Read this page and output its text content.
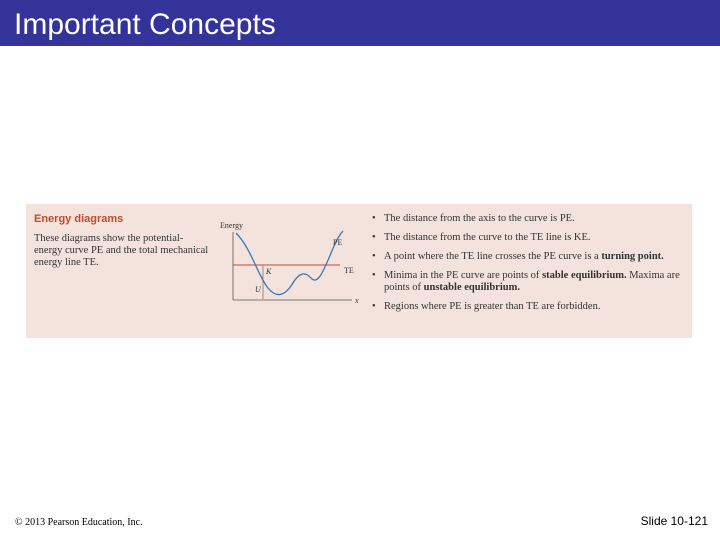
Important Concepts
Energy diagrams
These diagrams show the potential-energy curve PE and the total mechanical energy line TE.
Energy
x
PE
TE
K
U
• The distance from the axis to the curve is PE.
• The distance from the curve to the TE line is KE.
• A point where the TE line crosses the PE curve is a turning point.
• Minima in the PE curve are points of stable equilibrium. Maxima are points of unstable equilibrium.
• Regions where PE is greater than TE are forbidden.
© 2013 Pearson Education, Inc.	Slide 10-121
